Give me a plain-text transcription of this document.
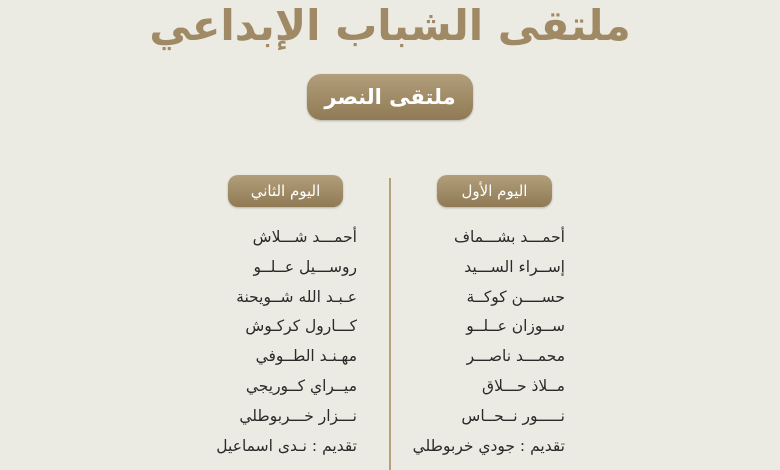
ملتقى الشباب الإبداعي
ملتقى النصر
اليوم الأول
اليوم الثاني
أحمـــد بشـــماف
إســراء الســـيد
حســــن كوكــة
ســوزان عــلــو
محمـــد ناصـــر
مــلاذ حـــلاق
نـــــور نــحــاس
تقديم : جودي خربوطلي
أحمـــد شـــلاش
روســـيل عــلــو
عـبـد الله شــويحنة
كـــارول كركـوش
مهـنـد الطــوفي
ميــراي كــوريجي
نـــزار خـــربوطلي
تقديم : نـدى اسماعيل
